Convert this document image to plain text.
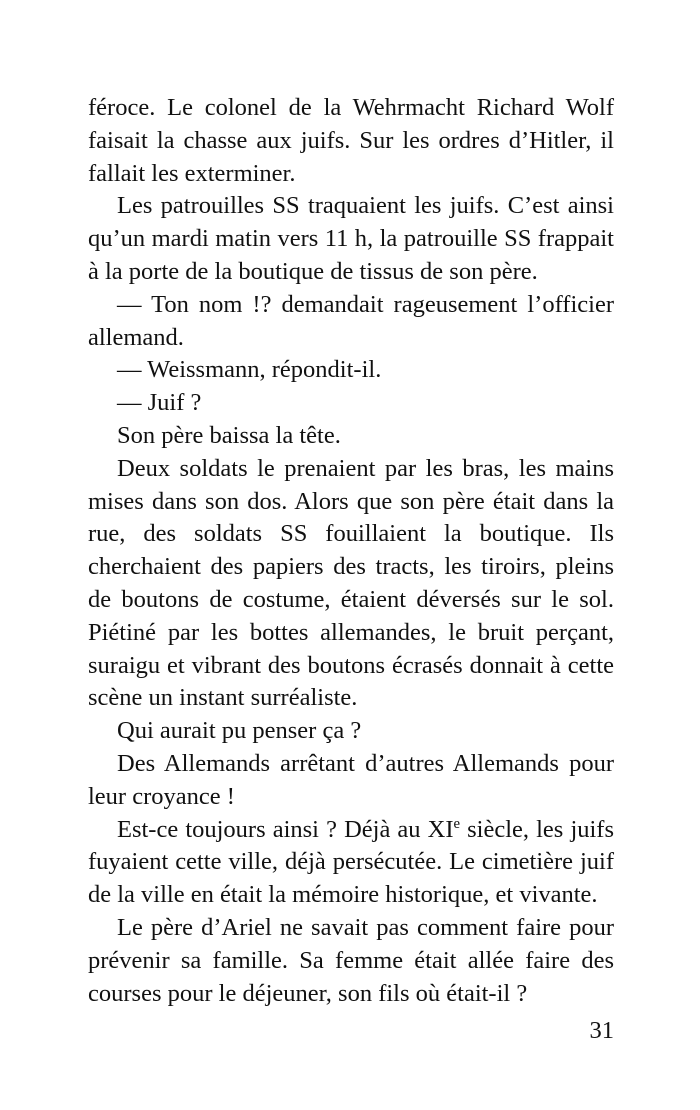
féroce. Le colonel de la Wehrmacht Richard Wolf faisait la chasse aux juifs. Sur les ordres d’Hitler, il fallait les exterminer.

Les patrouilles SS traquaient les juifs. C’est ainsi qu’un mardi matin vers 11 h, la patrouille SS frappait à la porte de la boutique de tissus de son père.

— Ton nom !? demandait rageusement l’officier allemand.

— Weissmann, répondit-il.

— Juif ?

Son père baissa la tête.

Deux soldats le prenaient par les bras, les mains mises dans son dos. Alors que son père était dans la rue, des soldats SS fouillaient la boutique. Ils cherchaient des papiers des tracts, les tiroirs, pleins de boutons de costume, étaient déversés sur le sol. Piétiné par les bottes allemandes, le bruit perçant, suraigu et vibrant des boutons écrasés donnait à cette scène un instant surréaliste.

Qui aurait pu penser ça ?

Des Allemands arrêtant d’autres Allemands pour leur croyance !

Est-ce toujours ainsi ? Déjà au XIe siècle, les juifs fuyaient cette ville, déjà persécutée. Le cimetière juif de la ville en était la mémoire historique, et vivante.

Le père d’Ariel ne savait pas comment faire pour prévenir sa famille. Sa femme était allée faire des courses pour le déjeuner, son fils où était-il ?

31
